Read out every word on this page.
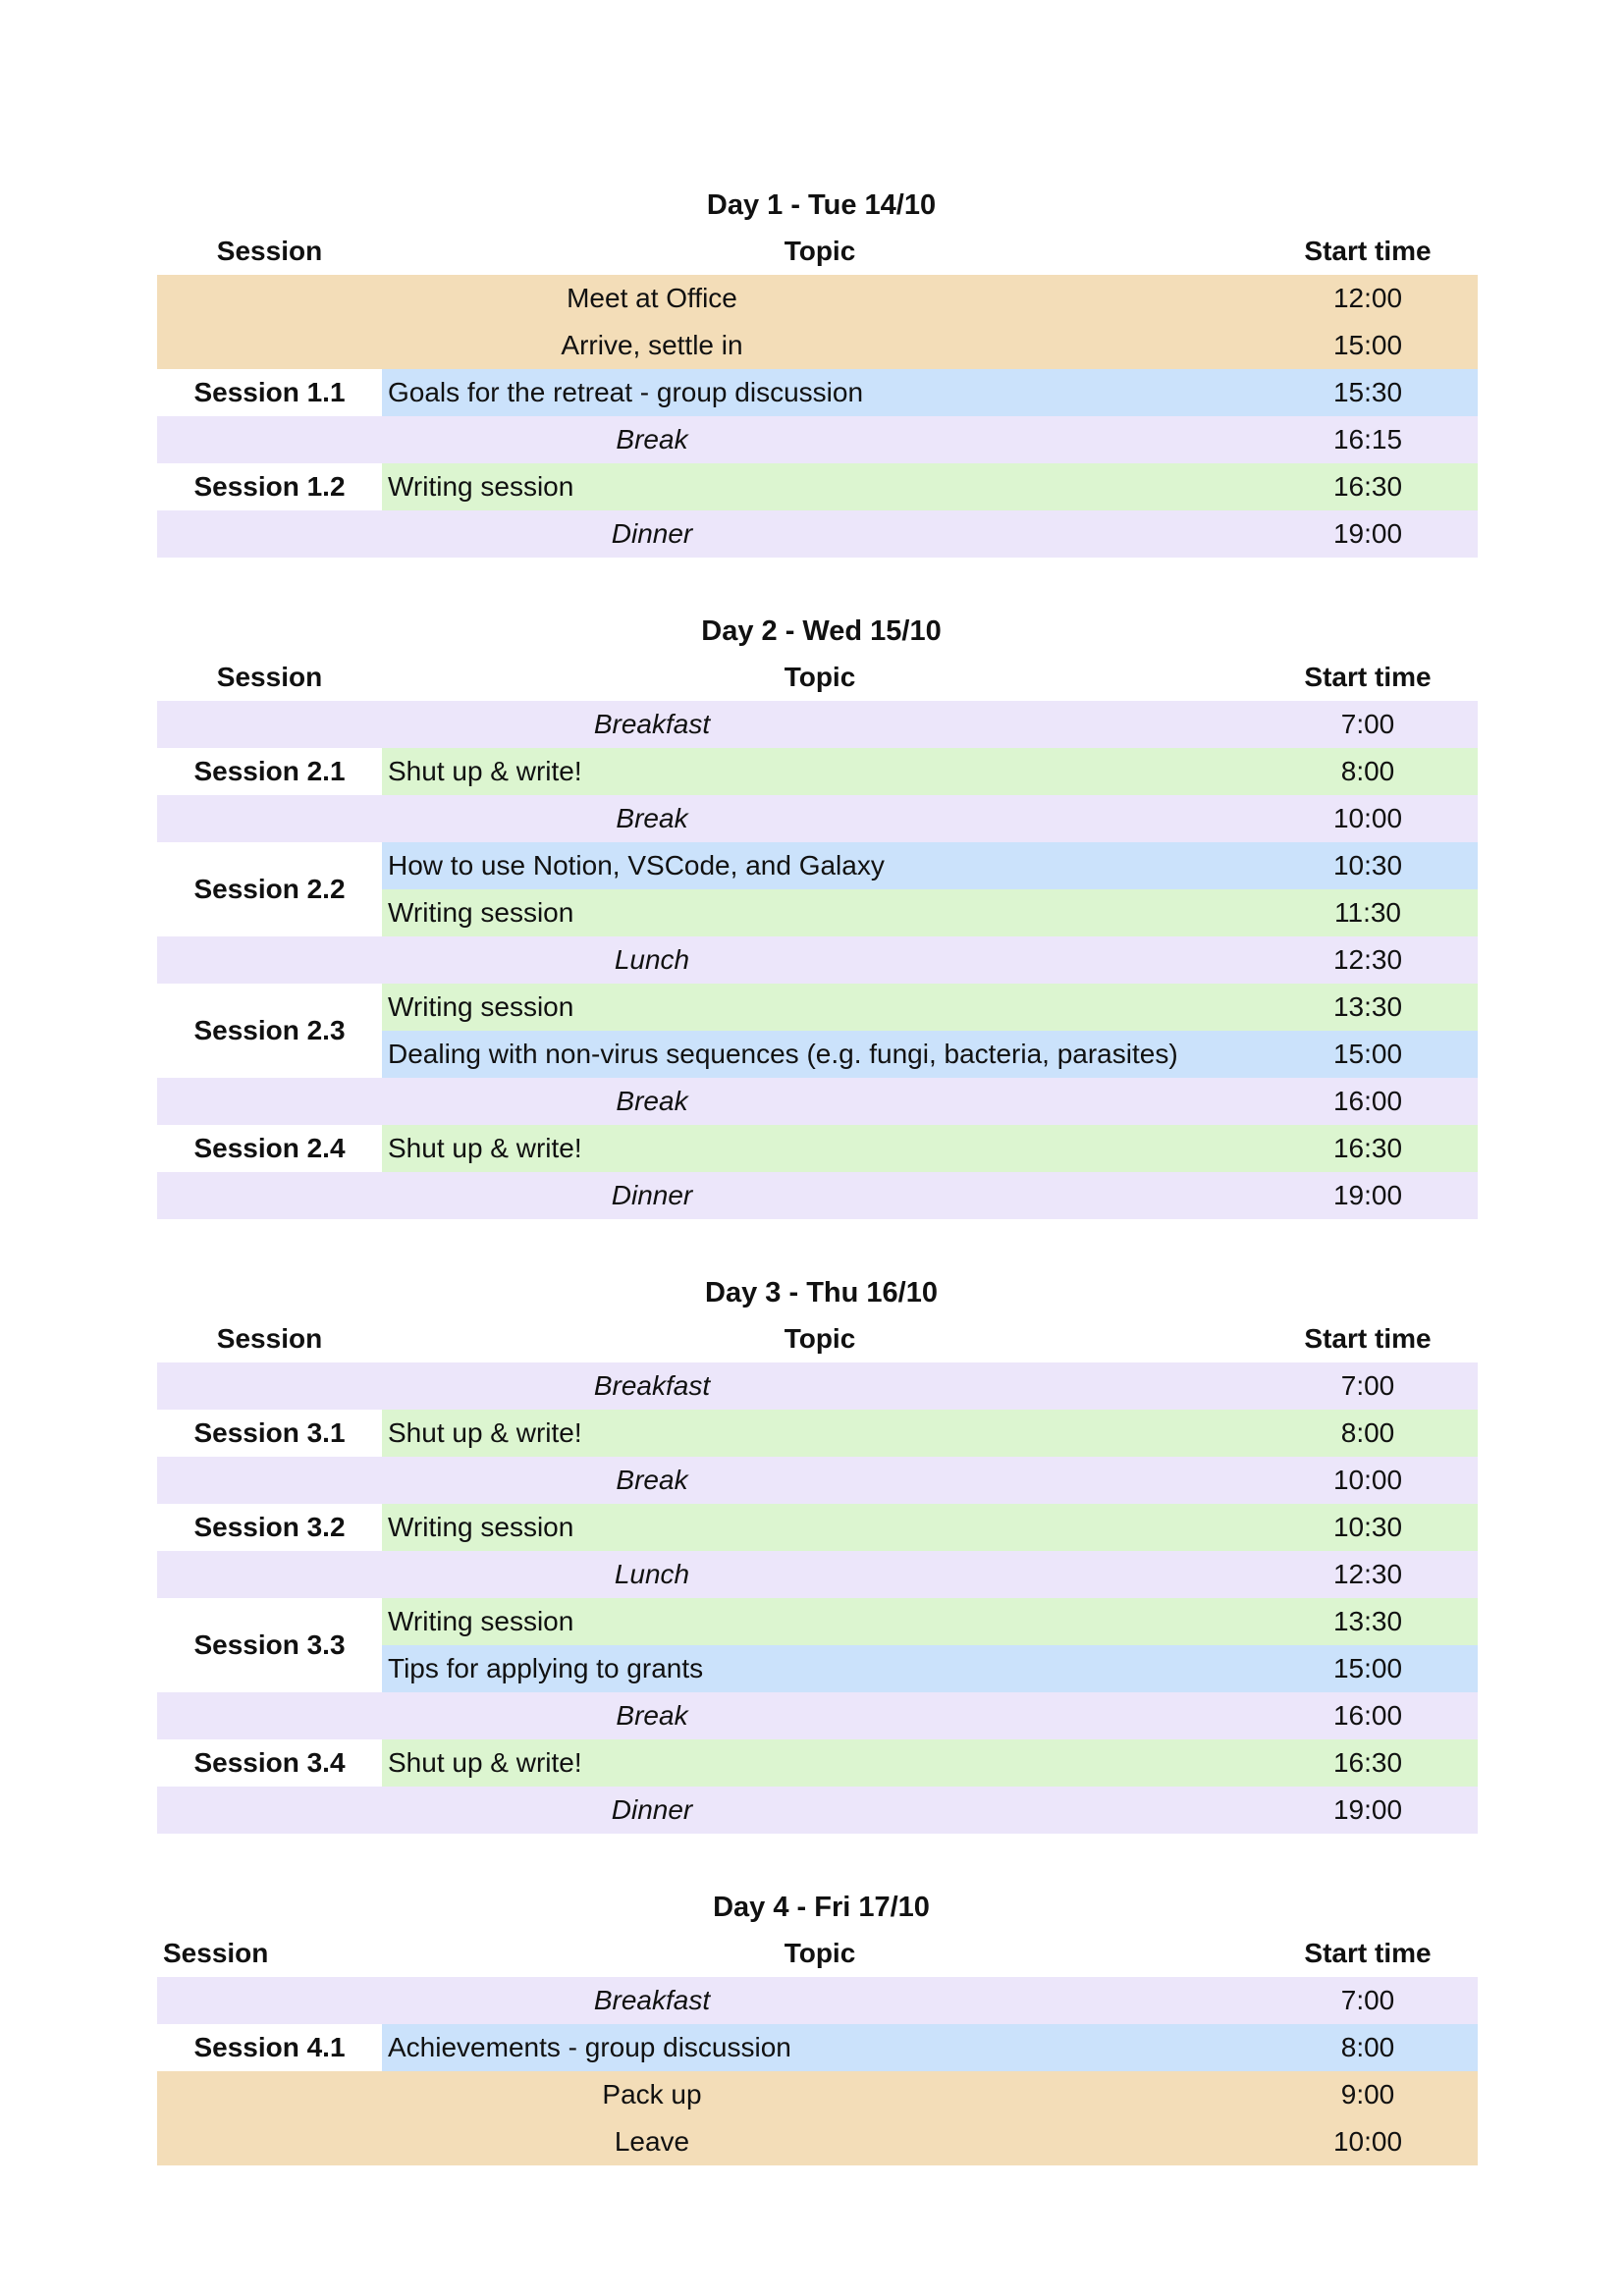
Day 1 - Tue 14/10
Session	Topic	Start time
Meet at Office	12:00
Arrive, settle in	15:00
Session 1.1	Goals for the retreat - group discussion	15:30
Break	16:15
Session 1.2	Writing session	16:30
Dinner	19:00
Day 2 - Wed 15/10
Session	Topic	Start time
Breakfast	7:00
Session 2.1	Shut up & write!	8:00
Break	10:00
Session 2.2
How to use Notion, VSCode, and Galaxy	10:30
Writing session	11:30
Lunch	12:30
Session 2.3
Writing session	13:30
Dealing with non-virus sequences (e.g. fungi, bacteria, parasites)	15:00
Break	16:00
Session 2.4	Shut up & write!	16:30
Dinner	19:00
Day 3 - Thu 16/10
Session	Topic	Start time
Breakfast	7:00
Session 3.1	Shut up & write!	8:00
Break	10:00
Session 3.2	Writing session	10:30
Lunch	12:30
Session 3.3
Writing session	13:30
Tips for applying to grants	15:00
Break	16:00
Session 3.4	Shut up & write!	16:30
Dinner	19:00
Day 4 - Fri 17/10
Session	Topic	Start time
Breakfast	7:00
Session 4.1	Achievements - group discussion	8:00
Pack up	9:00
Leave	10:00
